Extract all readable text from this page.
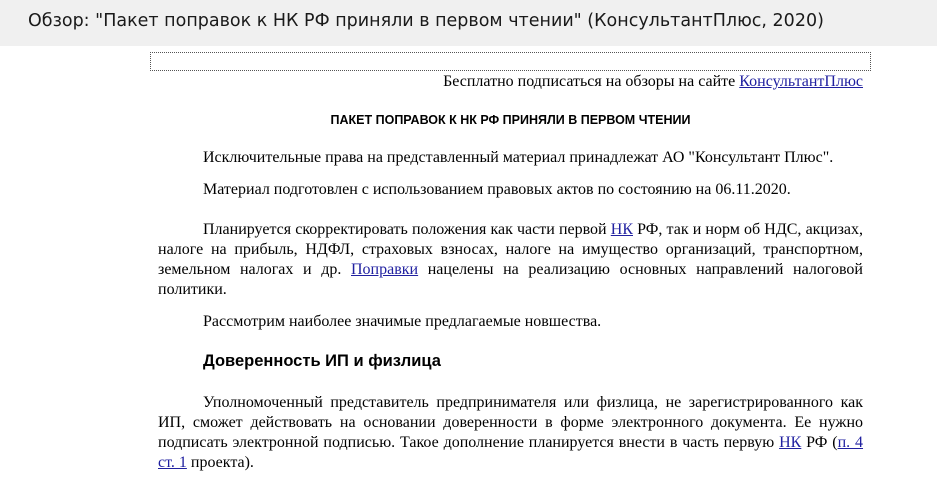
Обзор: "Пакет поправок к НК РФ приняли в первом чтении" (КонсультантПлюс, 2020)
Бесплатно подписаться на обзоры на сайте КонсультантПлюс
ПАКЕТ ПОПРАВОК К НК РФ ПРИНЯЛИ В ПЕРВОМ ЧТЕНИИ
Исключительные права на представленный материал принадлежат АО "Консультант Плюс".
Материал подготовлен с использованием правовых актов по состоянию на 06.11.2020.
Планируется скорректировать положения как части первой НК РФ, так и норм об НДС, акцизах, налоге на прибыль, НДФЛ, страховых взносах, налоге на имущество организаций, транспортном, земельном налогах и др. Поправки нацелены на реализацию основных направлений налоговой политики.
Рассмотрим наиболее значимые предлагаемые новшества.
Доверенность ИП и физлица
Уполномоченный представитель предпринимателя или физлица, не зарегистрированного как ИП, сможет действовать на основании доверенности в форме электронного документа. Ее нужно подписать электронной подписью. Такое дополнение планируется внести в часть первую НК РФ (п. 4 ст. 1 проекта).
